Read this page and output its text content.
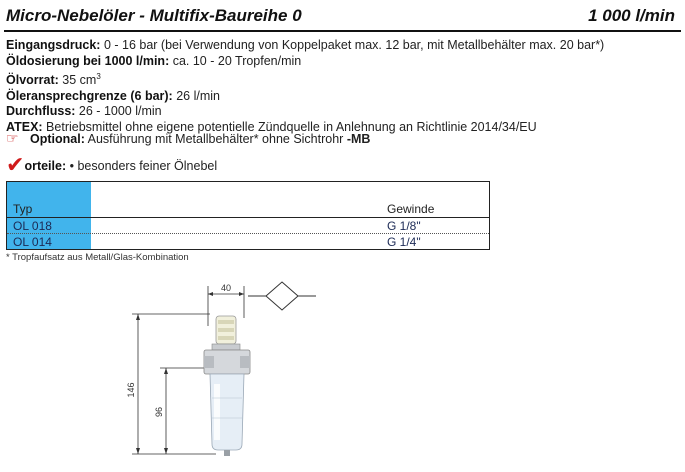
Micro-Nebelöler - Multifix-Baureihe 0	1 000 l/min
Eingangsdruck: 0 - 16 bar (bei Verwendung von Koppelpaket max. 12 bar, mit Metallbehälter max. 20 bar*)
Öldosierung bei 1000 l/min: ca. 10 - 20 Tropfen/min
Ölvorrat: 35 $cm^3$
Öleransprechgrenze (6 bar): 26 l/min
Durchfluss: 26 - 1000 l/min
ATEX: Betriebsmittel ohne eigene potentielle Zündquelle in Anlehnung an Richtlinie 2014/34/EU
☞ Optional: Ausführung mit Metallbehälter* ohne Sichtrohr -MB
✔orteile: • besonders feiner Ölnebel
Typ	Gewinde
OL 018	G 1/8"
OL 014	G 1/4"
* Tropfaufsatz aus Metall/Glas-Kombination
40
146
96
